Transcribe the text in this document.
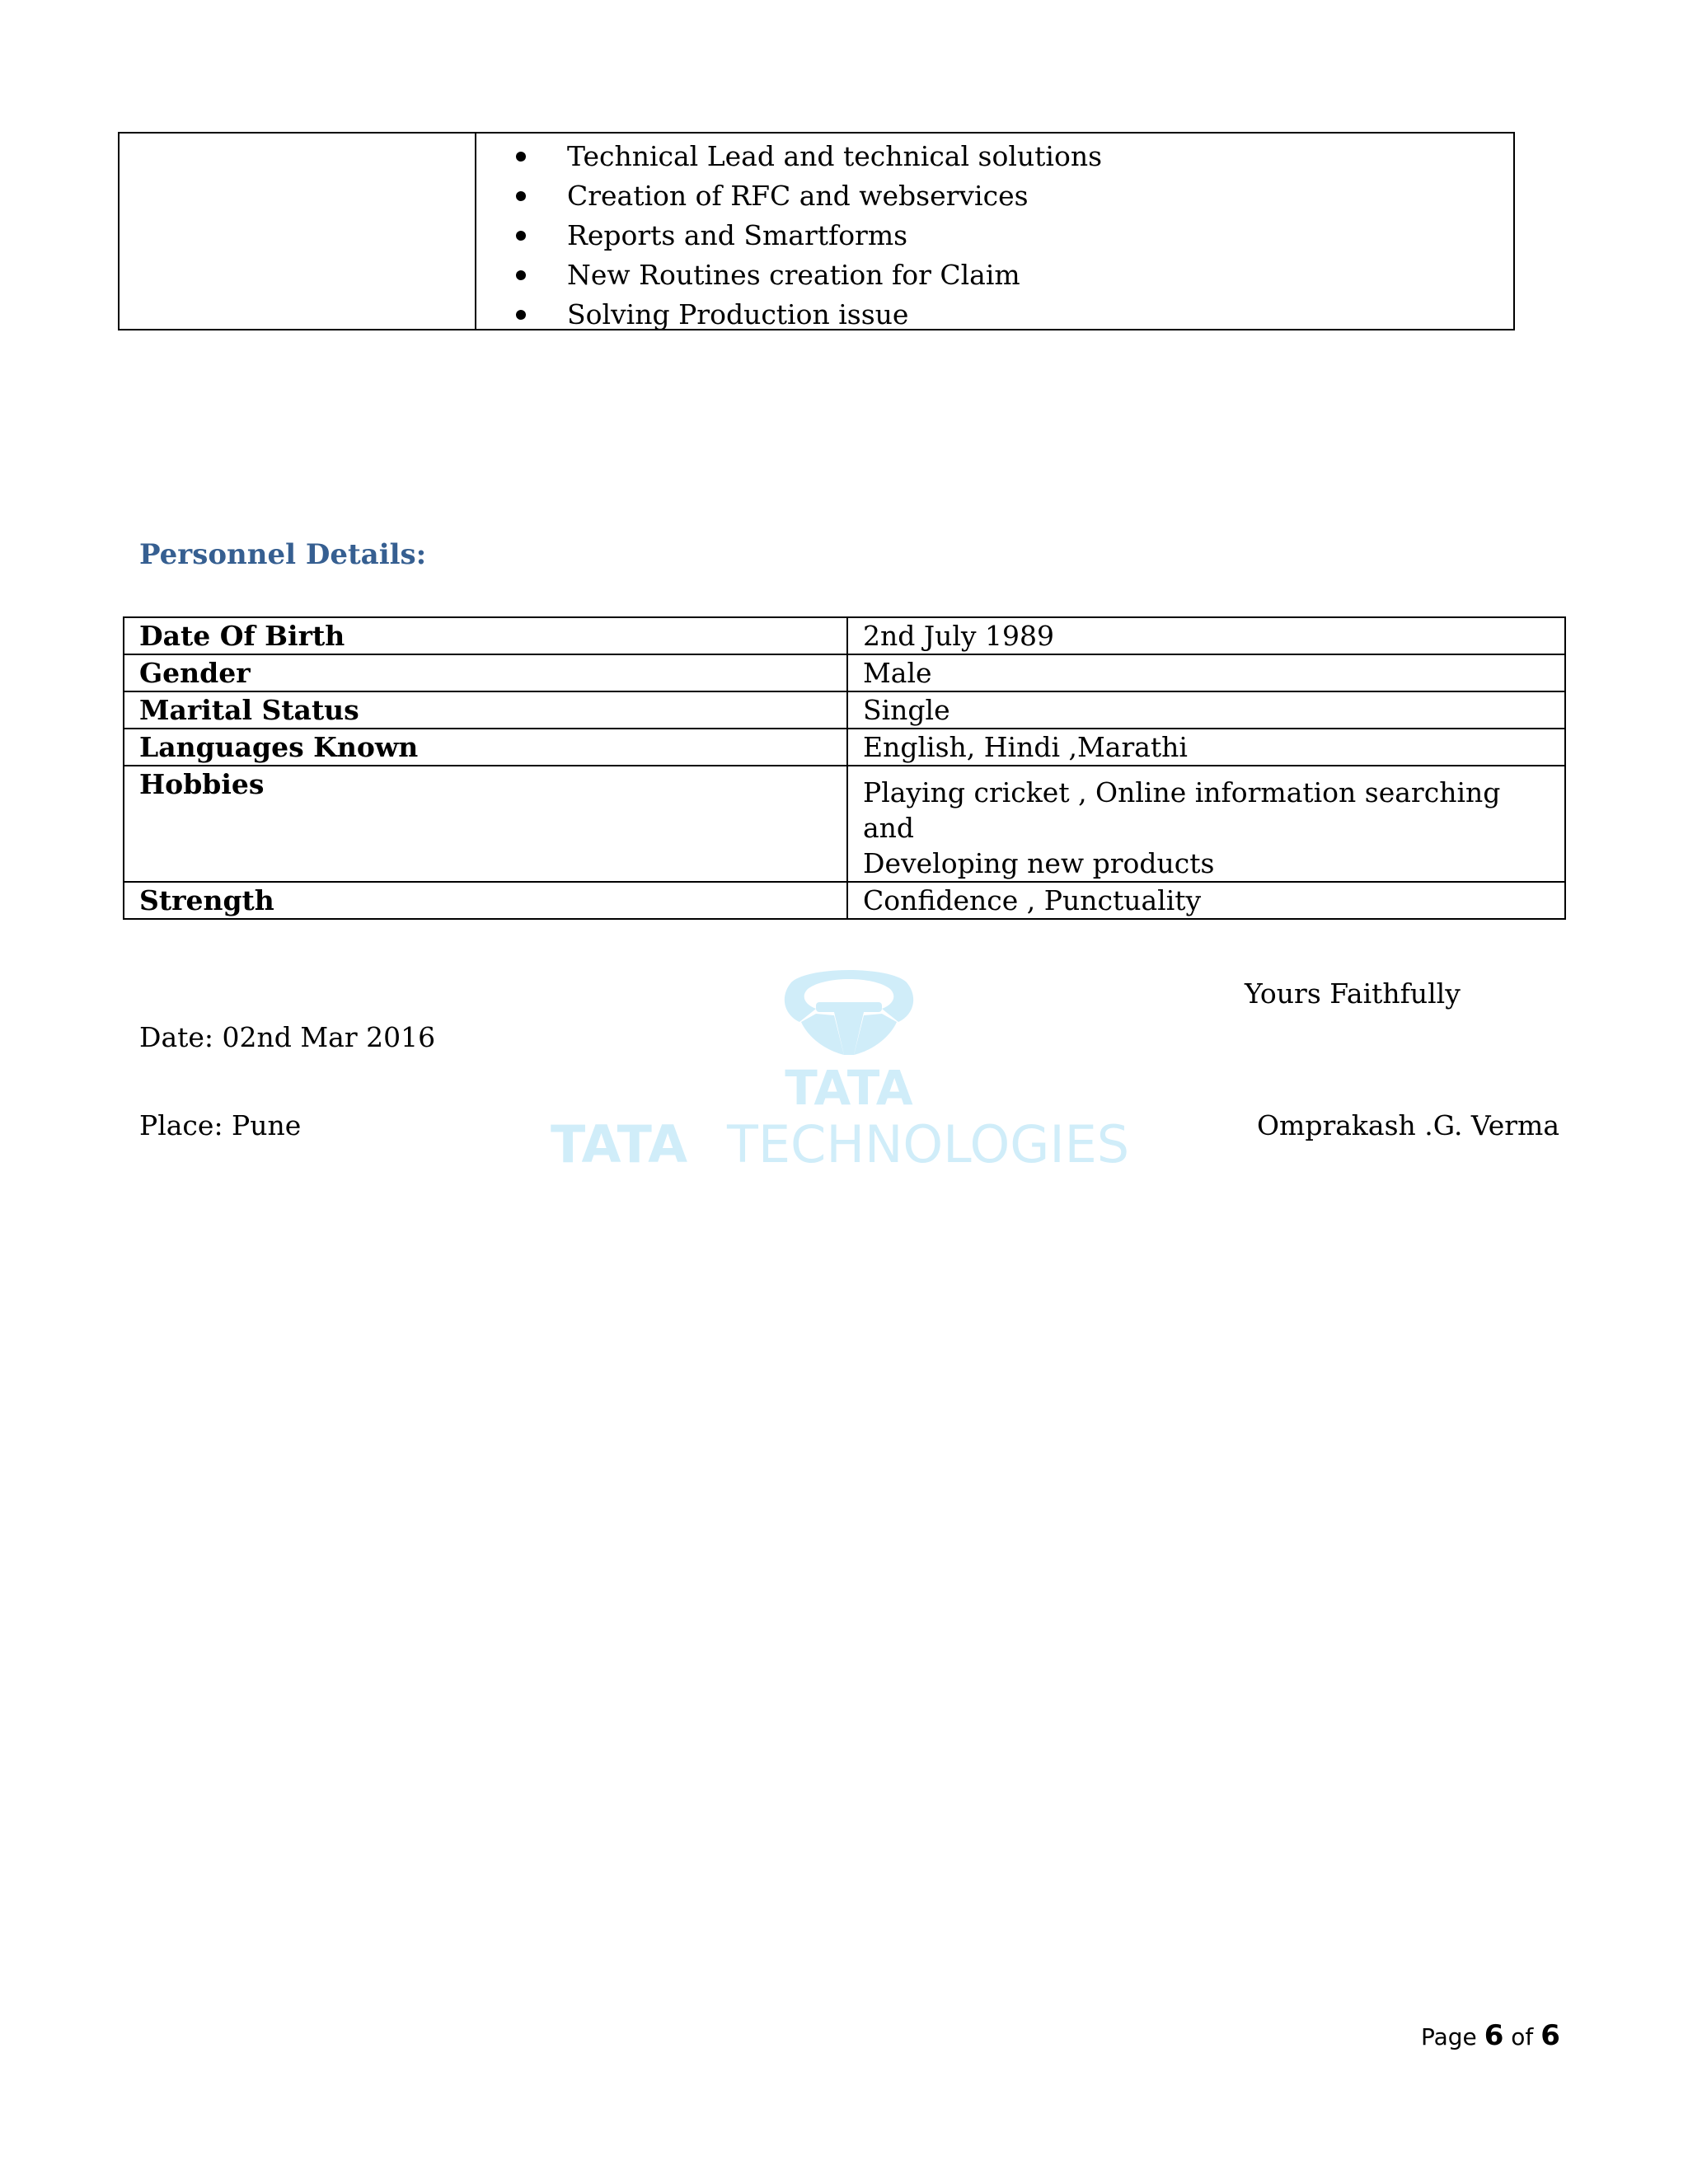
Technical Lead and technical solutions
Creation of RFC and webservices
Reports and Smartforms
New Routines creation for Claim
Solving Production issue
Personnel Details:
Date Of Birth	2nd July 1989
Gender	Male
Marital Status	Single
Languages Known	English, Hindi ,Marathi
Hobbies	Playing cricket , Online information searching and
Developing new products

Strength	Confidence , Punctuality
TATA
TATA TECHNOLOGIES
Yours Faithfully
Date: 02nd Mar 2016
Place: Pune	Omprakash .G. Verma
Page 6 of 6
